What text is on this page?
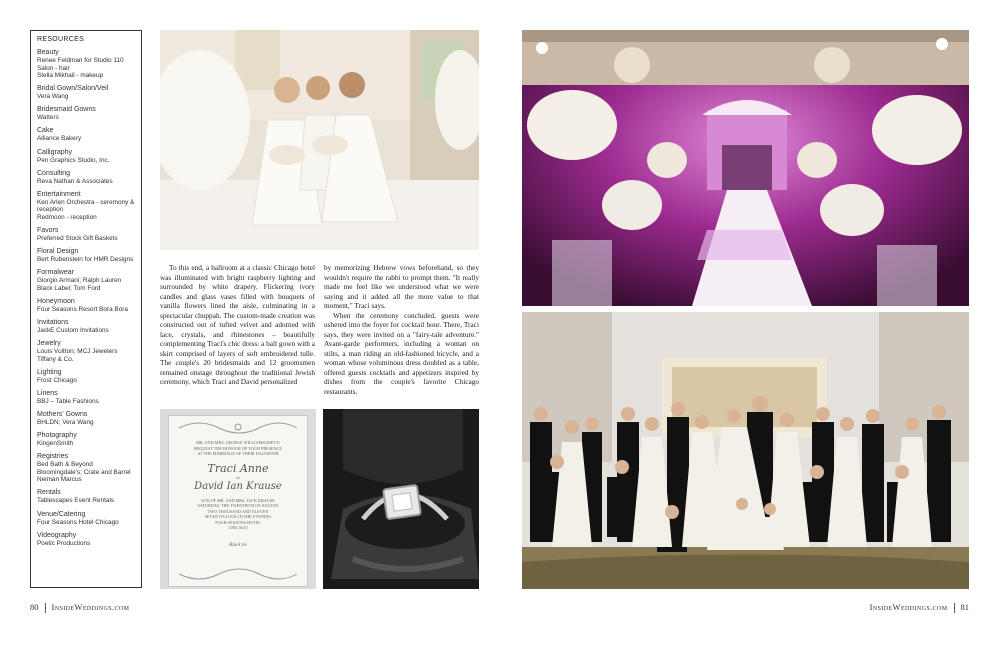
RESOURCES
Beauty
Renee Feldman for Studio 110 Salon - hair
Stella Mikhail - makeup
Bridal Gown/Salon/Veil
Vera Wang
Bridesmaid Gowns
Watters
Cake
Alliance Bakery
Calligraphy
Pen Graphics Studio, Inc.
Consulting
Reva Nathan & Associates
Entertainment
Ken Arlen Orchestra - ceremony & reception
Redmoon - reception
Favors
Preferred Stock Gift Baskets
Floral Design
Bert Rubenstein for HMR Designs
Formalwear
Giorgio Armani; Ralph Lauren Black Label; Tom Ford
Honeymoon
Four Seasons Resort Bora Bora
Invitations
JackE Custom Invitations
Jewelry
Louis Vuitton; MCJ Jewelers
Tiffany & Co.
Lighting
Frost Chicago
Linens
BBJ – Table Fashions
Mothers' Gowns
BHLDN; Vera Wang
Photography
KingenSmith
Registries
Bed Bath & Beyond
Bloomingdale's; Crate and Barrel
Neiman Marcus
Rentals
Tablescapes Event Rentals
Venue/Catering
Four Seasons Hotel Chicago
Videography
Poetic Productions

To this end, a ballroom at a classic Chicago hotel was illuminated with bright raspberry lighting and surrounded by white drapery. Flickering ivory candles and glass vases filled with bouquets of vanilla flowers lined the aisle, culminating in a spectacular chuppah. The custom-made creation was constructed out of tufted velvet and adorned with lace, crystals, and rhinestones – beautifully complementing Traci's chic dress: a ball gown with a skirt comprised of layers of soft embroidered tulle. The couple's 20 bridesmaids and 12 groomsmen remained onstage throughout the traditional Jewish ceremony, which Traci and David personalized

by memorizing Hebrew vows beforehand, so they wouldn't require the rabbi to prompt them. "It really made me feel like we understood what we were saying and it added all the more value to that moment," Traci says.

When the ceremony concluded, guests were ushered into the foyer for cocktail hour. There, Traci says, they were invited on a "fairy-tale adventure." Avant-garde performers, including a woman on stilts, a man riding an old-fashioned bicycle, and a woman whose voluminous dress doubled as a table, offered guests cocktails and appetizers inspired by dishes from the couple's favorite Chicago restaurants.

MR. AND MRS. GEORGE WILLIAMSONETTI
REQUEST THE HONOUR OF YOUR PRESENCE
AT THE MARRIAGE OF THEIR DAUGHTER
Traci Anne
to
David Ian Krause
SON OF MR. AND MRS. JACK KRAUSE
SATURDAY, THE TWENTIETH OF AUGUST
TWO THOUSAND AND ELEVEN
SEVEN O'CLOCK IN THE EVENING
FOUR SEASONS HOTEL
CHICAGO
Black tie
80 InsideWeddings.com	InsideWeddings.com 81
